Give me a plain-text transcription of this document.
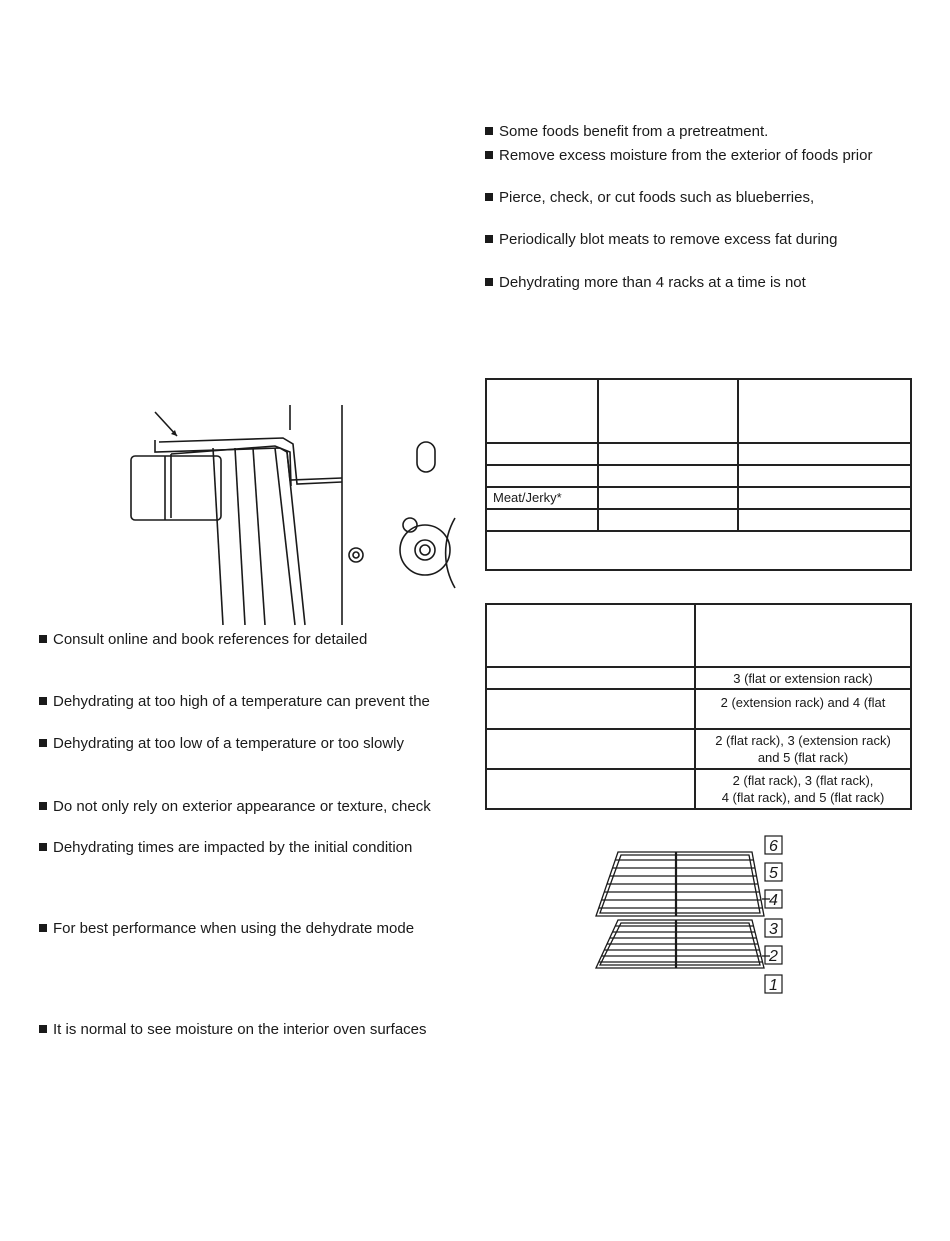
Some foods benefit from a pretreatment.
Remove excess moisture from the exterior of foods prior
Pierce, check, or cut foods such as blueberries,
Periodically blot meats to remove excess fat during
Dehydrating more than 4 racks at a time is not

Meat/Jerky*		

	3 (flat or extension rack)
	2 (extension rack) and 4 (flat

	2 (flat rack), 3 (extension rack)
and 5 (flat rack)

	2 (flat rack), 3 (flat rack),
4 (flat rack), and 5 (flat rack)
Consult online and book references for detailed
Dehydrating at too high of a temperature can prevent the
Dehydrating at too low of a temperature or too slowly
Do not only rely on exterior appearance or texture, check
Dehydrating times are impacted by the initial condition
For best performance when using the dehydrate mode
It is normal to see moisture on the interior oven surfaces
6
5
4
3
2
1
